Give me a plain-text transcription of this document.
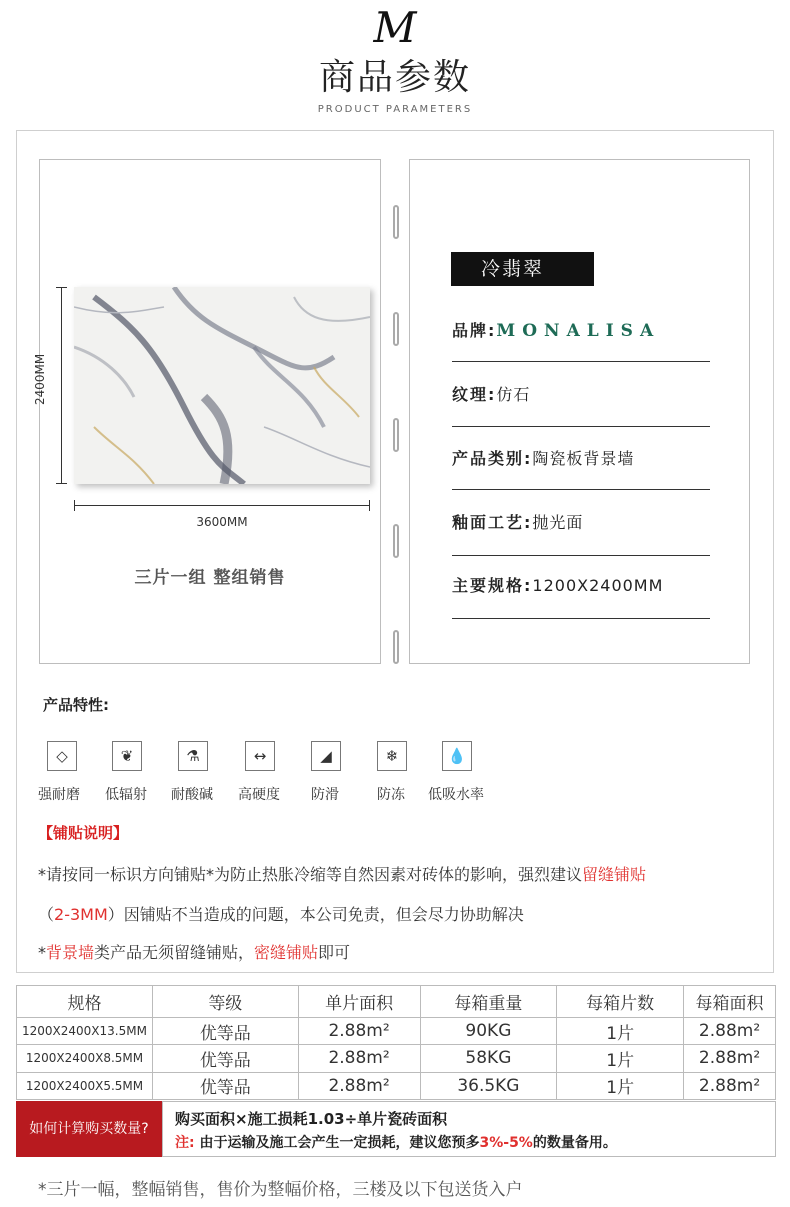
M
商品参数
PRODUCT PARAMETERS
2400MM
3600MM
三片一组 整组销售
冷翡翠
品牌:MONALISA
纹理:仿石
产品类别:陶瓷板背景墙
釉面工艺:抛光面
主要规格:1200X2400MM
产品特性:
◇	❦	⚗	↔	◢	❄	💧
强耐磨 低辐射 耐酸碱 高硬度 防滑	防冻 低吸水率
【铺贴说明】
*请按同一标识方向铺贴*为防止热胀冷缩等自然因素对砖体的影响，强烈建议留缝铺贴
（2-3MM）因铺贴不当造成的问题，本公司免责，但会尽力协助解决
*背景墙类产品无须留缝铺贴，密缝铺贴即可
规格	等级	单片面积	每箱重量	每箱片数	每箱面积
1200X2400X13.5MM	优等品	2.88m²	90KG	1片	2.88m²
1200X2400X8.5MM	优等品	2.88m²	58KG	1片	2.88m²
1200X2400X5.5MM	优等品	2.88m²	36.5KG	1片	2.88m²
如何计算购买数量?
购买面积×施工损耗1.03÷单片瓷砖面积
注: 由于运输及施工会产生一定损耗，建议您预多3%-5%的数量备用。
*三片一幅，整幅销售，售价为整幅价格，三楼及以下包送货入户
